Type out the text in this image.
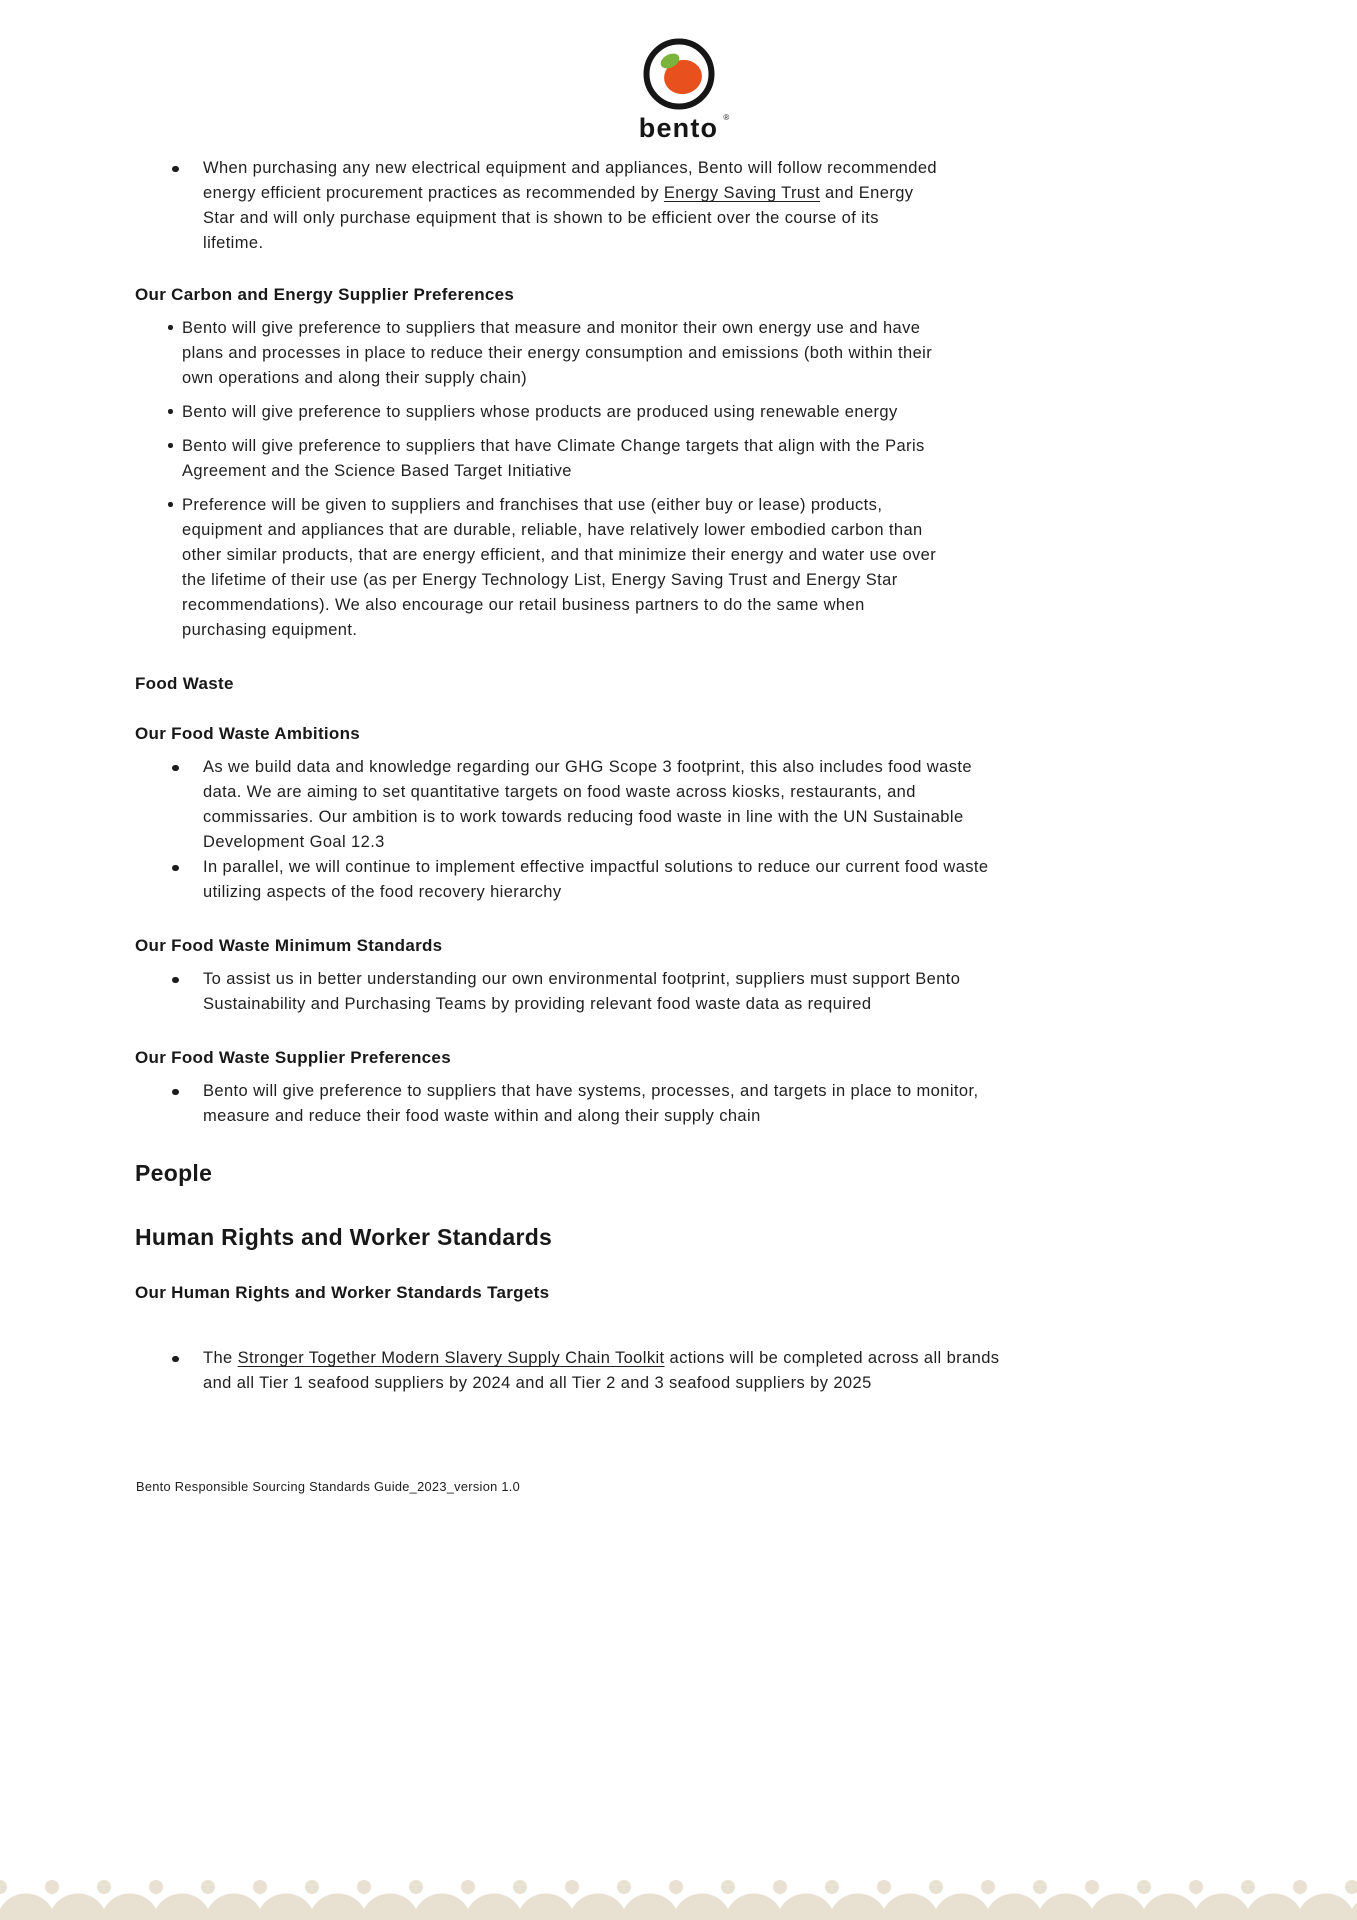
bento ®
When purchasing any new electrical equipment and appliances, Bento will follow recommended energy efficient procurement practices as recommended by Energy Saving Trust and Energy Star and will only purchase equipment that is shown to be efficient over the course of its lifetime.
Our Carbon and Energy Supplier Preferences
Bento will give preference to suppliers that measure and monitor their own energy use and have plans and processes in place to reduce their energy consumption and emissions (both within their own operations and along their supply chain)
Bento will give preference to suppliers whose products are produced using renewable energy
Bento will give preference to suppliers that have Climate Change targets that align with the Paris Agreement and the Science Based Target Initiative
Preference will be given to suppliers and franchises that use (either buy or lease) products, equipment and appliances that are durable, reliable, have relatively lower embodied carbon than other similar products, that are energy efficient, and that minimize their energy and water use over the lifetime of their use (as per Energy Technology List, Energy Saving Trust and Energy Star recommendations). We also encourage our retail business partners to do the same when purchasing equipment.
Food Waste
Our Food Waste Ambitions
As we build data and knowledge regarding our GHG Scope 3 footprint, this also includes food waste data. We are aiming to set quantitative targets on food waste across kiosks, restaurants, and commissaries. Our ambition is to work towards reducing food waste in line with the UN Sustainable Development Goal 12.3
In parallel, we will continue to implement effective impactful solutions to reduce our current food waste utilizing aspects of the food recovery hierarchy
Our Food Waste Minimum Standards
To assist us in better understanding our own environmental footprint, suppliers must support Bento Sustainability and Purchasing Teams by providing relevant food waste data as required
Our Food Waste Supplier Preferences
Bento will give preference to suppliers that have systems, processes, and targets in place to monitor, measure and reduce their food waste within and along their supply chain
People
Human Rights and Worker Standards
Our Human Rights and Worker Standards Targets
The Stronger Together Modern Slavery Supply Chain Toolkit actions will be completed across all brands and all Tier 1 seafood suppliers by 2024 and all Tier 2 and 3 seafood suppliers by 2025
Bento Responsible Sourcing Standards Guide_2023_version 1.0
